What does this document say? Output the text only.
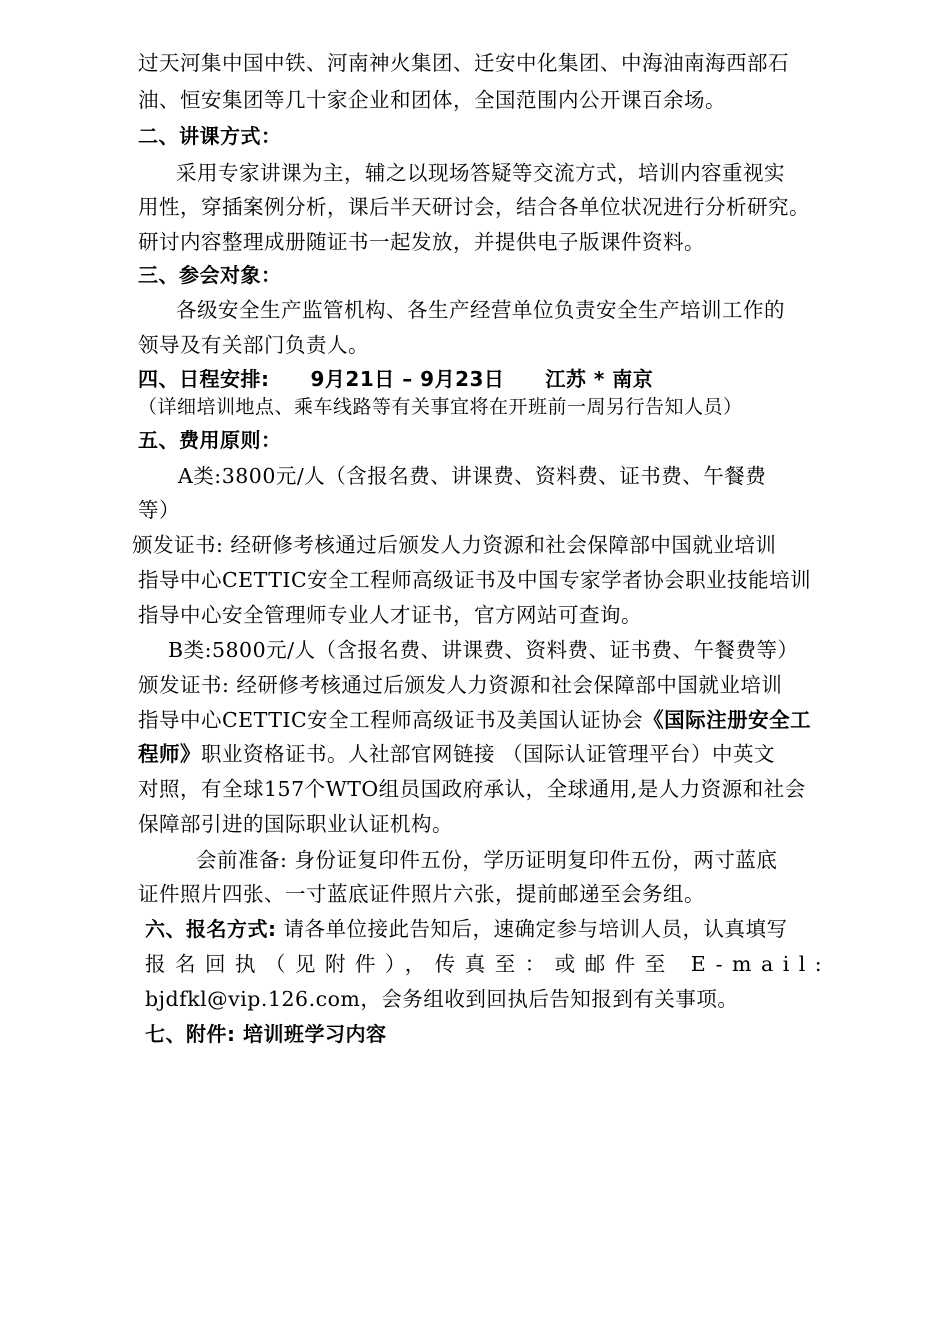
过天河集中国中铁、河南神火集团、迁安中化集团、中海油南海西部石
油、恒安集团等几十家企业和团体，全国范围内公开课百余场。
二、讲课方式：
采用专家讲课为主，辅之以现场答疑等交流方式，培训内容重视实
用性，穿插案例分析，课后半天研讨会，结合各单位状况进行分析研究。
研讨内容整理成册随证书一起发放，并提供电子版课件资料。
三、参会对象：
各级安全生产监管机构、各生产经营单位负责安全生产培训工作的
领导及有关部门负责人。
四、日程安排:　　9月21日 – 9月23日　　江苏 * 南京
（详细培训地点、乘车线路等有关事宜将在开班前一周另行告知人员）
五、费用原则：
A类:3800元/人（含报名费、讲课费、资料费、证书费、午餐费
等）
颁发证书: 经研修考核通过后颁发人力资源和社会保障部中国就业培训
指导中心CETTIC安全工程师高级证书及中国专家学者协会职业技能培训
指导中心安全管理师专业人才证书，官方网站可查询。
B类:5800元/人（含报名费、讲课费、资料费、证书费、午餐费等）
颁发证书: 经研修考核通过后颁发人力资源和社会保障部中国就业培训
指导中心CETTIC安全工程师高级证书及美国认证协会《国际注册安全工
程师》职业资格证书。人社部官网链接 （国际认证管理平台）中英文
对照，有全球157个WTO组员国政府承认，全球通用,是人力资源和社会
保障部引进的国际职业认证机构。
会前准备: 身份证复印件五份，学历证明复印件五份，两寸蓝底
证件照片四张、一寸蓝底证件照片六张，提前邮递至会务组。
六、报名方式: 请各单位接此告知后，速确定参与培训人员，认真填写
报名回执（见附件），传真至：或邮件至 E-mail:
bjdfkl@vip.126.com，会务组收到回执后告知报到有关事项。
七、附件: 培训班学习内容
